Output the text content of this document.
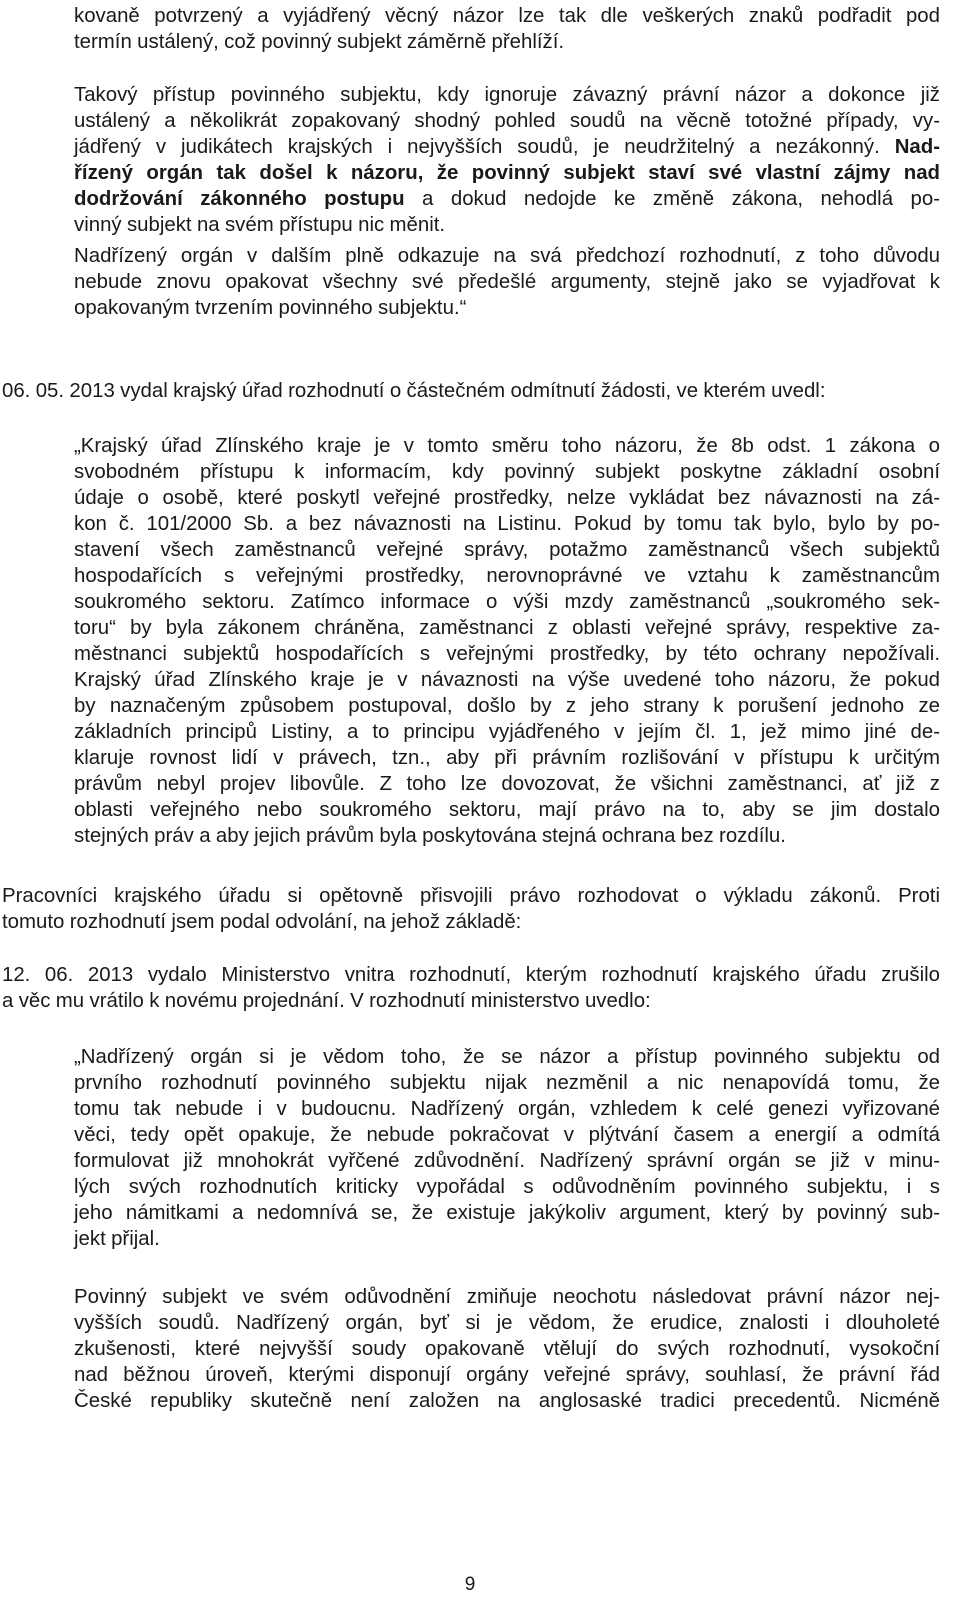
kovaně potvrzený a vyjádřený věcný názor lze tak dle veškerých znaků podřadit pod
termín ustálený, což povinný subjekt záměrně přehlíží.
Takový přístup povinného subjektu, kdy ignoruje závazný právní názor a dokonce již
ustálený a několikrát zopakovaný shodný pohled soudů na věcně totožné případy, vy-
jádřený v judikátech krajských i nejvyšších soudů, je neudržitelný a nezákonný. Nad-
řízený orgán tak došel k názoru, že povinný subjekt staví své vlastní zájmy nad
dodržování zákonného postupu a dokud nedojde ke změně zákona, nehodlá po-
vinný subjekt na svém přístupu nic měnit.
Nadřízený orgán v dalším plně odkazuje na svá předchozí rozhodnutí, z toho důvodu
nebude znovu opakovat všechny své předešlé argumenty, stejně jako se vyjadřovat k
opakovaným tvrzením povinného subjektu.“
06. 05. 2013 vydal krajský úřad rozhodnutí o částečném odmítnutí žádosti, ve kterém uvedl:
„Krajský úřad Zlínského kraje je v tomto směru toho názoru, že 8b odst. 1 zákona o
svobodném přístupu k informacím, kdy povinný subjekt poskytne základní osobní
údaje o osobě, které poskytl veřejné prostředky, nelze vykládat bez návaznosti na zá-
kon č. 101/2000 Sb. a bez návaznosti na Listinu. Pokud by tomu tak bylo, bylo by po-
stavení všech zaměstnanců veřejné správy, potažmo zaměstnanců všech subjektů
hospodařících s veřejnými prostředky, nerovnoprávné ve vztahu k zaměstnancům
soukromého sektoru. Zatímco informace o výši mzdy zaměstnanců „soukromého sek-
toru“ by byla zákonem chráněna, zaměstnanci z oblasti veřejné správy, respektive za-
městnanci subjektů hospodařících s veřejnými prostředky, by této ochrany nepožívali.
Krajský úřad Zlínského kraje je v návaznosti na výše uvedené toho názoru, že pokud
by naznačeným způsobem postupoval, došlo by z jeho strany k porušení jednoho ze
základních principů Listiny, a to principu vyjádřeného v jejím čl. 1, jež mimo jiné de-
klaruje rovnost lidí v právech, tzn., aby při právním rozlišování v přístupu k určitým
právům nebyl projev libovůle. Z toho lze dovozovat, že všichni zaměstnanci, ať již z
oblasti veřejného nebo soukromého sektoru, mají právo na to, aby se jim dostalo
stejných práv a aby jejich právům byla poskytována stejná ochrana bez rozdílu.
Pracovníci krajského úřadu si opětovně přisvojili právo rozhodovat o výkladu zákonů. Proti
tomuto rozhodnutí jsem podal odvolání, na jehož základě:
12. 06. 2013 vydalo Ministerstvo vnitra rozhodnutí, kterým rozhodnutí krajského úřadu zrušilo
a věc mu vrátilo k novému projednání. V rozhodnutí ministerstvo uvedlo:
„Nadřízený orgán si je vědom toho, že se názor a přístup povinného subjektu od
prvního rozhodnutí povinného subjektu nijak nezměnil a nic nenapovídá tomu, že
tomu tak nebude i v budoucnu. Nadřízený orgán, vzhledem k celé genezi vyřizované
věci, tedy opět opakuje, že nebude pokračovat v plýtvání časem a energií a odmítá
formulovat již mnohokrát vyřčené zdůvodnění. Nadřízený správní orgán se již v minu-
lých svých rozhodnutích kriticky vypořádal s odůvodněním povinného subjektu, i s
jeho námitkami a nedomnívá se, že existuje jakýkoliv argument, který by povinný sub-
jekt přijal.
Povinný subjekt ve svém odůvodnění zmiňuje neochotu následovat právní názor nej-
vyšších soudů. Nadřízený orgán, byť si je vědom, že erudice, znalosti i dlouholeté
zkušenosti, které nejvyšší soudy opakovaně vtělují do svých rozhodnutí, vysokoční
nad běžnou úroveň, kterými disponují orgány veřejné správy, souhlasí, že právní řád
České republiky skutečně není založen na anglosaské tradici precedentů. Nicméně
9
